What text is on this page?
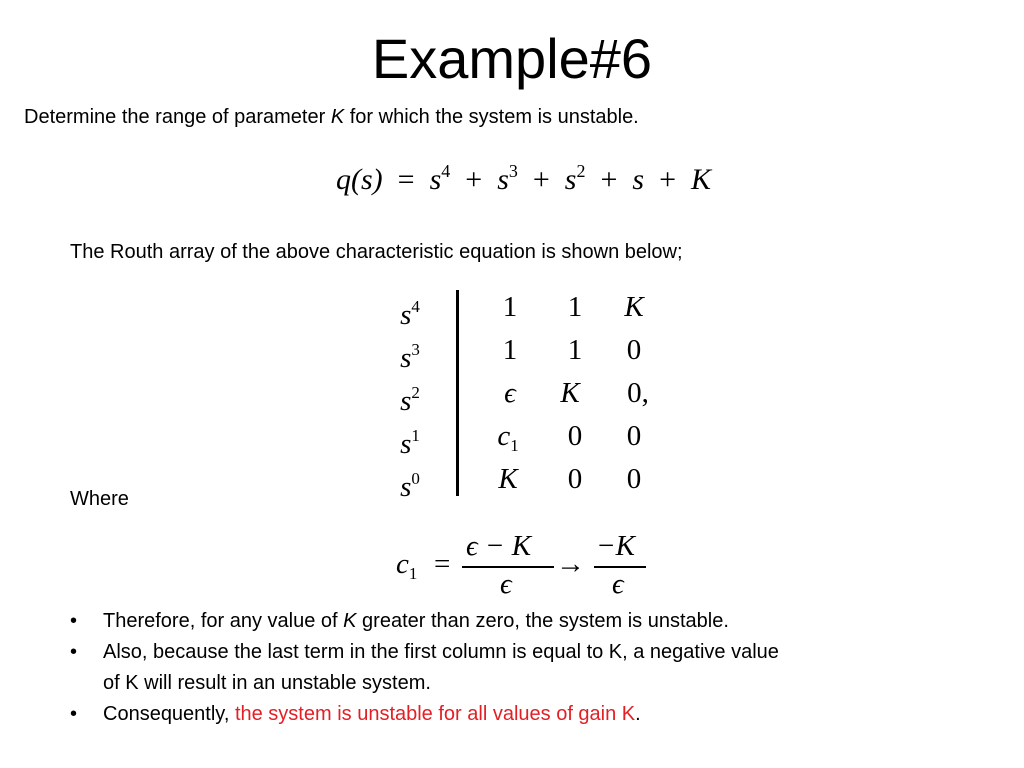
Example#6
Determine the range of parameter K for which the system is unstable.
$q(s) = s^4 + s^3 + s^2 + s + K$
The Routh array of the above characteristic equation is shown below;
$s^4$	1	1	K
$s^3$	1	1	0
$s^2$	ϵ	K	0,
$s^1$	$c_1$	0	0
$s^0$	K	0	0
Where
$c_1$ =
ϵ − K
ϵ
→
−K
ϵ
• Therefore, for any value of K greater than zero, the system is unstable.
• Also, because the last term in the first column is equal to K, a negative value
of K will result in an unstable system.
• Consequently, the system is unstable for all values of gain K.
